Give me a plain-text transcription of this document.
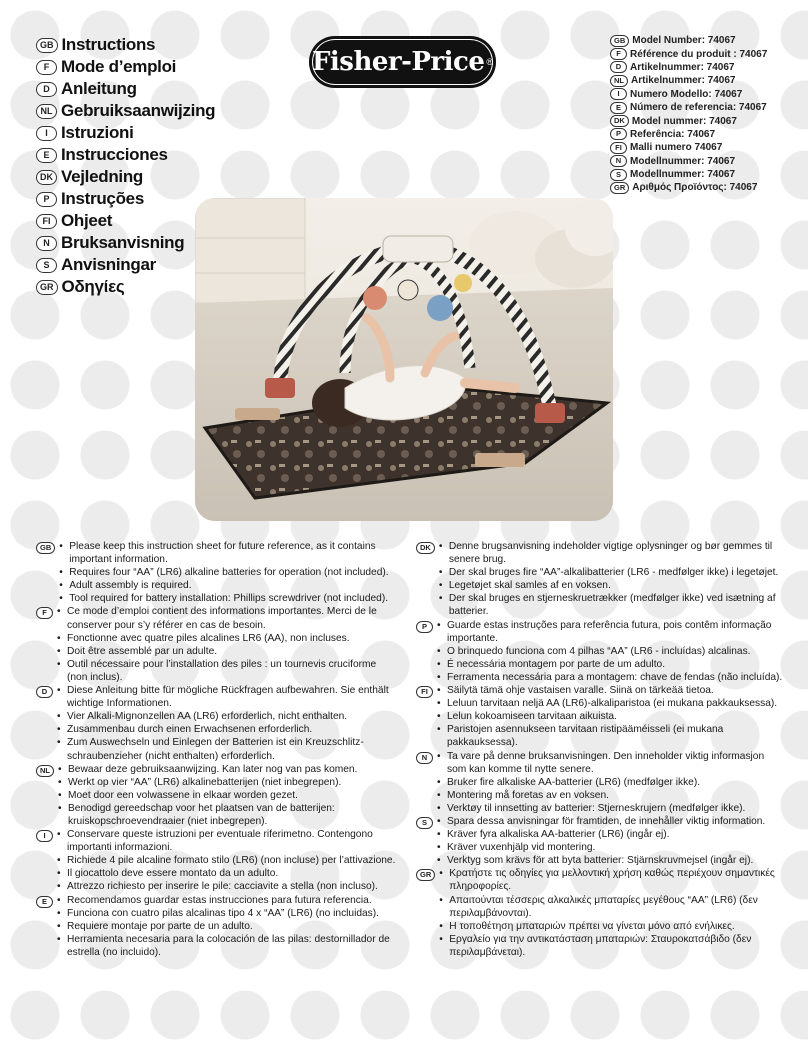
GB Instructions
F Mode d’emploi
D Anleitung
NL Gebruiksaanwijzing
I Istruzioni
E Instrucciones
DK Vejledning
P Instruções
FI Ohjeet
N Bruksanvisning
S Anvisningar
GR Οδηγίες
Fisher-Price ®
GB Model Number: 74067
F Référence du produit : 74067
D Artikelnummer: 74067
NL Artikelnummer: 74067
I	Numero Modello: 74067
E Número de referencia: 74067
DK Model nummer: 74067
P Referência: 74067
FI Malli numero 74067
N Modellnummer: 74067
S Modellnummer: 74067
GR Αριθμός Προϊόντος: 74067
GB	• Please keep this instruction sheet for future reference, as it contains important information.
• Requires four “AA” (LR6) alkaline batteries for operation (not included).
• Adult assembly is required.
• Tool required for battery installation: Phillips screwdriver (not included).
F	• Ce mode d’emploi contient des informations importantes. Merci de le conserver pour s’y référer en cas de besoin.
• Fonctionne avec quatre piles alcalines LR6 (AA), non incluses.
• Doit être assemblé par un adulte.
• Outil nécessaire pour l’installation des piles : un tournevis cruciforme (non inclus).
D	• Diese Anleitung bitte für mögliche Rückfragen aufbewahren. Sie enthält wichtige Informationen.
• Vier Alkali-Mignonzellen AA (LR6) erforderlich, nicht enthalten.
• Zusammenbau durch einen Erwachsenen erforderlich.
• Zum Auswechseln und Einlegen der Batterien ist ein Kreuzschlitz-schraubenzieher (nicht enthalten) erforderlich.
NL	• Bewaar deze gebruiksaanwijzing. Kan later nog van pas komen.
• Werkt op vier “AA” (LR6) alkalinebatterijen (niet inbegrepen).
• Moet door een volwassene in elkaar worden gezet.
• Benodigd gereedschap voor het plaatsen van de batterijen: kruiskopschroevendraaier (niet inbegrepen).
I	• Conservare queste istruzioni per eventuale riferimetno. Contengono importanti informazioni.
• Richiede 4 pile alcaline formato stilo (LR6) (non incluse) per l’attivazione.
• Il giocattolo deve essere montato da un adulto.
• Attrezzo richiesto per inserire le pile: cacciavite a stella (non incluso).
E	• Recomendamos guardar estas instrucciones para futura referencia.
• Funciona con cuatro pilas alcalinas tipo 4 x “AA” (LR6) (no incluidas).
• Requiere montaje por parte de un adulto.
• Herramienta necesaria para la colocación de las pilas: destornillador de estrella (no incluido).
DK	• Denne brugsanvisning indeholder vigtige oplysninger og bør gemmes til senere brug.
• Der skal bruges fire “AA”-alkalibatterier (LR6 - medfølger ikke) i legetøjet.
• Legetøjet skal samles af en voksen.
• Der skal bruges en stjerneskruetrækker (medfølger ikke) ved isætning af batterier.
P	• Guarde estas instruções para referência futura, pois contêm informação importante.
• O brinquedo funciona com 4 pilhas “AA” (LR6 - incluídas) alcalinas.
• É necessária montagem por parte de um adulto.
• Ferramenta necessária para a montagem: chave de fendas (não incluída).
FI	• Säilytä tämä ohje vastaisen varalle. Siinä on tärkeää tietoa.
• Leluun tarvitaan neljä AA (LR6)-alkaliparistoa (ei mukana pakkauksessa).
• Lelun kokoamiseen tarvitaan aikuista.
• Paristojen asennukseen tarvitaan ristipääméisseli (ei mukana pakkauksessa).
N	• Ta vare på denne bruksanvisningen. Den inneholder viktig informasjon som kan komme til nytte senere.
• Bruker fire alkaliske AA-batterier (LR6) (medfølger ikke).
• Montering må foretas av en voksen.
• Verktøy til innsetting av batterier: Stjerneskrujern (medfølger ikke).
S	• Spara dessa anvisningar för framtiden, de innehåller viktig information.
• Kräver fyra alkaliska AA-batterier (LR6) (ingår ej).
• Kräver vuxenhjälp vid montering.
• Verktyg som krävs för att byta batterier: Stjärnskruvmejsel (ingår ej).
GR	• Κρατήστε τις οδηγίες για μελλοντική χρήση καθώς περιέχουν σημαντικές πληροφορίες.
• Απαιτούνται τέσσερις αλκαλικές μπαταρίες μεγέθους “AA” (LR6) (δεν περιλαμβάνονται).
• Η τοποθέτηση μπαταριών πρέπει να γίνεται μόνο από ενήλικες.
• Εργαλείο για την αντικατάσταση μπαταριών: Σταυροκατσάβιδο (δεν περιλαμβάνεται).
